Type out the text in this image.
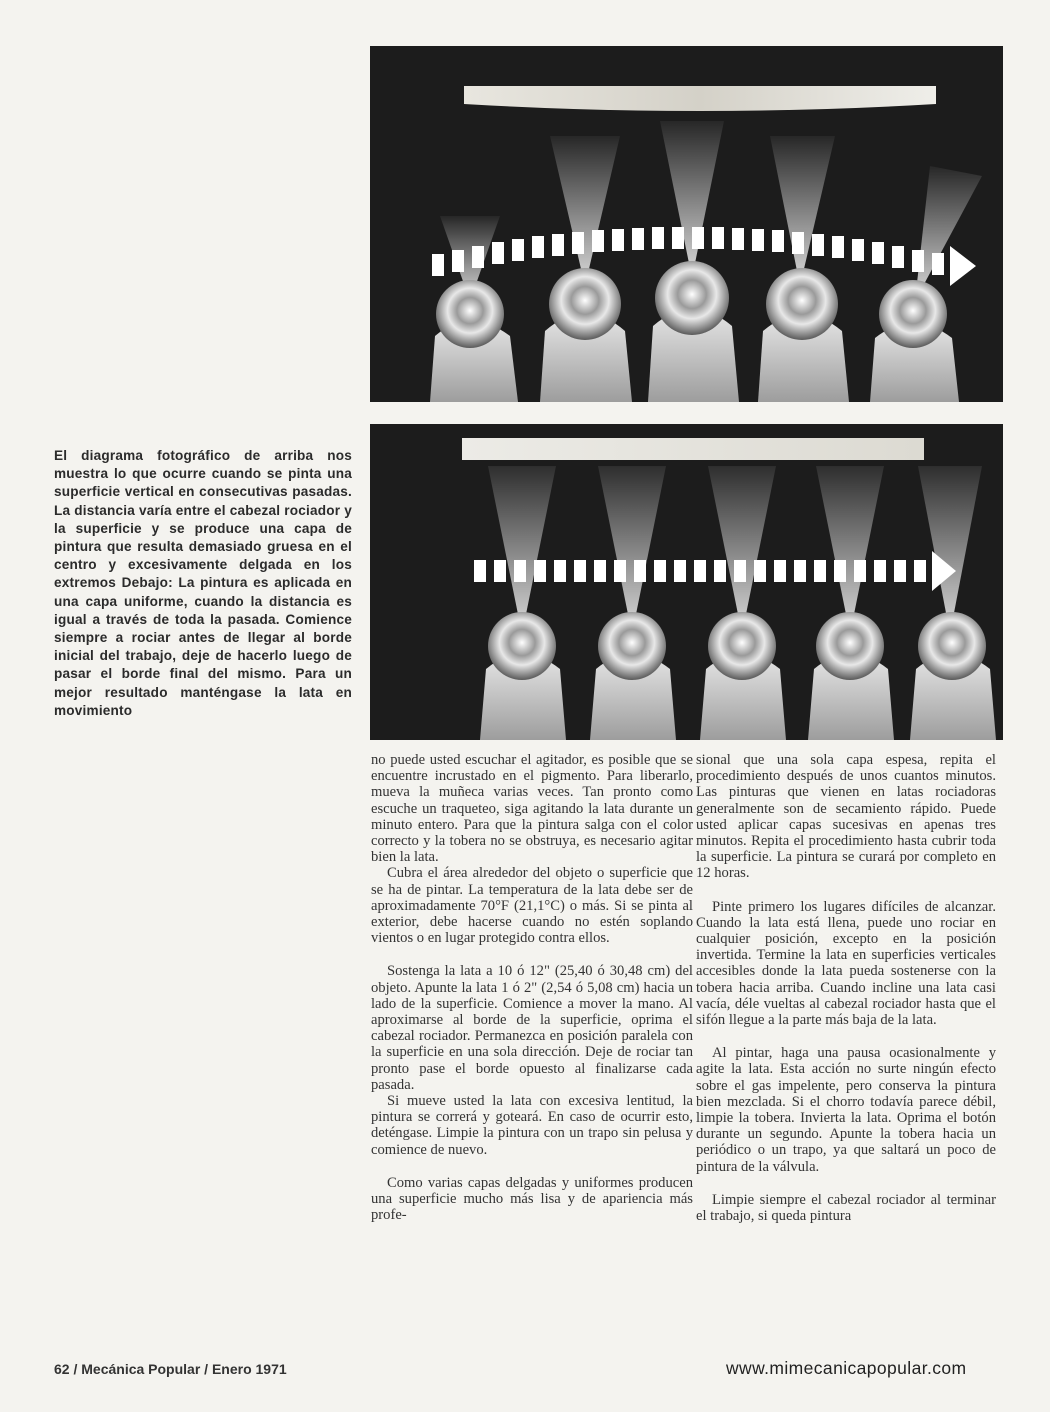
El diagrama fotográfico de arriba nos muestra lo que ocurre cuando se pinta una superficie vertical en consecutivas pasadas. La distancia varía entre el cabezal rociador y la superficie y se produce una capa de pintura que resulta demasiado gruesa en el centro y excesivamente delgada en los extremos Debajo: La pintura es aplicada en una capa uniforme, cuando la distancia es igual a través de toda la pasada. Comience siempre a rociar antes de llegar al borde inicial del trabajo, deje de hacerlo luego de pasar el borde final del mismo. Para un mejor resultado manténgase la lata en movimiento

no puede usted escuchar el agitador, es posible que se encuentre incrustado en el pigmento. Para liberarlo, mueva la muñeca varias veces. Tan pronto como escuche un traqueteo, siga agitando la lata durante un minuto entero. Para que la pintura salga con el color correcto y la tobera no se obstruya, es necesario agitar bien la lata.

Cubra el área alrededor del objeto o superficie que se ha de pintar. La temperatura de la lata debe ser de aproximadamente 70°F (21,1°C) o más. Si se pinta al exterior, debe hacerse cuando no estén soplando vientos o en lugar protegido contra ellos.

Sostenga la lata a 10 ó 12" (25,40 ó 30,48 cm) del objeto. Apunte la lata 1 ó 2" (2,54 ó 5,08 cm) hacia un lado de la superficie. Comience a mover la mano. Al aproximarse al borde de la superficie, oprima el cabezal rociador. Permanezca en posición paralela con la superficie en una sola dirección. Deje de rociar tan pronto pase el borde opuesto al finalizarse cada pasada.

Si mueve usted la lata con excesiva lentitud, la pintura se correrá y goteará. En caso de ocurrir esto, deténgase. Limpie la pintura con un trapo sin pelusa y comience de nuevo.

Como varias capas delgadas y uniformes producen una superficie mucho más lisa y de apariencia más profe-

sional que una sola capa espesa, repita el procedimiento después de unos cuantos minutos. Las pinturas que vienen en latas rociadoras generalmente son de secamiento rápido. Puede usted aplicar capas sucesivas en apenas tres minutos. Repita el procedimiento hasta cubrir toda la superficie. La pintura se curará por completo en 12 horas.

Pinte primero los lugares difíciles de alcanzar. Cuando la lata está llena, puede uno rociar en cualquier posición, excepto en la posición invertida. Termine la lata en superficies verticales accesibles donde la lata pueda sostenerse con la tobera hacia arriba. Cuando incline una lata casi vacía, déle vueltas al cabezal rociador hasta que el sifón llegue a la parte más baja de la lata.

Al pintar, haga una pausa ocasionalmente y agite la lata. Esta acción no surte ningún efecto sobre el gas impelente, pero conserva la pintura bien mezclada. Si el chorro todavía parece débil, limpie la tobera. Invierta la lata. Oprima el botón durante un segundo. Apunte la tobera hacia un periódico o un trapo, ya que saltará un poco de pintura de la válvula.

Limpie siempre el cabezal rociador al terminar el trabajo, si queda pintura

62 / Mecánica Popular / Enero 1971	www.mimecanicapopular.com
